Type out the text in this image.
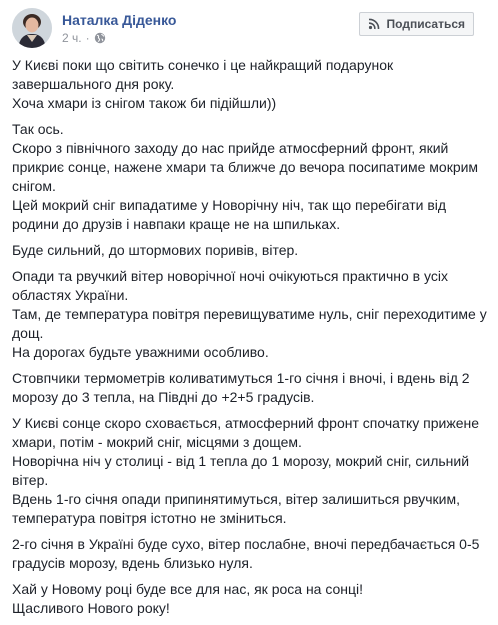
Наталка Діденко
2 ч. ·
Подписаться

У Києві поки що світить сонечко і це найкращий подарунок завершального дня року.
Хоча хмари із снігом також би підійшли))

Так ось.
Скоро з північного заходу до нас прийде атмосферний фронт, який прикриє сонце, нажене хмари та ближче до вечора посипатиме мокрим снігом.
Цей мокрий сніг випадатиме у Новорічну ніч, так що перебігати від родини до друзів і навпаки краще не на шпильках.

Буде сильний, до штормових поривів, вітер.

Опади та рвучкий вітер новорічної ночі очікуються практично в усіх областях України.
Там, де температура повітря перевищуватиме нуль, сніг переходитиме у дощ.
На дорогах будьте уважними особливо.

Стовпчики термометрів коливатимуться 1-го січня і вночі, і вдень від 2 морозу до 3 тепла, на Півдні до +2+5 градусів.

У Києві сонце скоро сховається, атмосферний фронт спочатку прижене хмари, потім - мокрий сніг, місцями з дощем.
Новорічна ніч у столиці - від 1 тепла до 1 морозу, мокрий сніг, сильний вітер.
Вдень 1-го січня опади припинятимуться, вітер залишиться рвучким, температура повітря істотно не зміниться.

2-го січня в Україні буде сухо, вітер послабне, вночі передбачається 0-5 градусів морозу, вдень близько нуля.

Хай у Новому році буде все для нас, як роса на сонці!
Щасливого Нового року!
